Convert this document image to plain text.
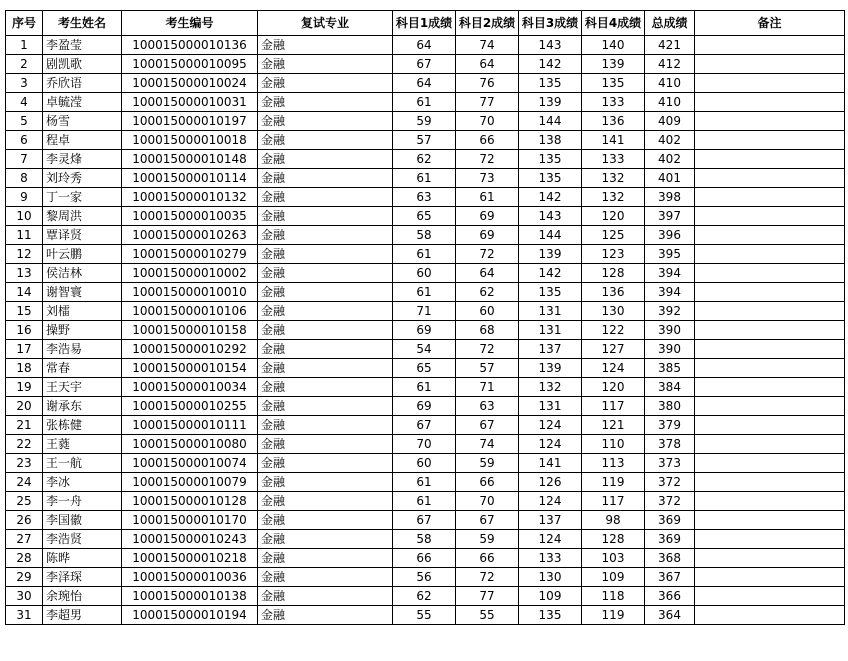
序号	考生姓名	考生编号	复试专业	科目1成绩	科目2成绩	科目3成绩	科目4成绩	总成绩	备注
1	李盈莹	100015000010136	金融	64	74	143	140	421	
2	剧凯歌	100015000010095	金融	67	64	142	139	412	
3	乔欣语	100015000010024	金融	64	76	135	135	410	
4	卓毓滢	100015000010031	金融	61	77	139	133	410	
5	杨雪	100015000010197	金融	59	70	144	136	409	
6	程卓	100015000010018	金融	57	66	138	141	402	
7	李灵烽	100015000010148	金融	62	72	135	133	402	
8	刘玲秀	100015000010114	金融	61	73	135	132	401	
9	丁一家	100015000010132	金融	63	61	142	132	398	
10	黎周洪	100015000010035	金融	65	69	143	120	397	
11	覃译贤	100015000010263	金融	58	69	144	125	396	
12	叶云鹏	100015000010279	金融	61	72	139	123	395	
13	侯洁林	100015000010002	金融	60	64	142	128	394	
14	谢智寰	100015000010010	金融	61	62	135	136	394	
15	刘檑	100015000010106	金融	71	60	131	130	392	
16	操野	100015000010158	金融	69	68	131	122	390	
17	李浩易	100015000010292	金融	54	72	137	127	390	
18	常春	100015000010154	金融	65	57	139	124	385	
19	王天宇	100015000010034	金融	61	71	132	120	384	
20	谢承东	100015000010255	金融	69	63	131	117	380	
21	张栋健	100015000010111	金融	67	67	124	121	379	
22	王蕤	100015000010080	金融	70	74	124	110	378	
23	王一航	100015000010074	金融	60	59	141	113	373	
24	李冰	100015000010079	金融	61	66	126	119	372	
25	李一舟	100015000010128	金融	61	70	124	117	372	
26	李国徽	100015000010170	金融	67	67	137	98	369	
27	李浩贤	100015000010243	金融	58	59	124	128	369	
28	陈晔	100015000010218	金融	66	66	133	103	368	
29	李泽琛	100015000010036	金融	56	72	130	109	367	
30	余琬怡	100015000010138	金融	62	77	109	118	366	
31	李超男	100015000010194	金融	55	55	135	119	364	
